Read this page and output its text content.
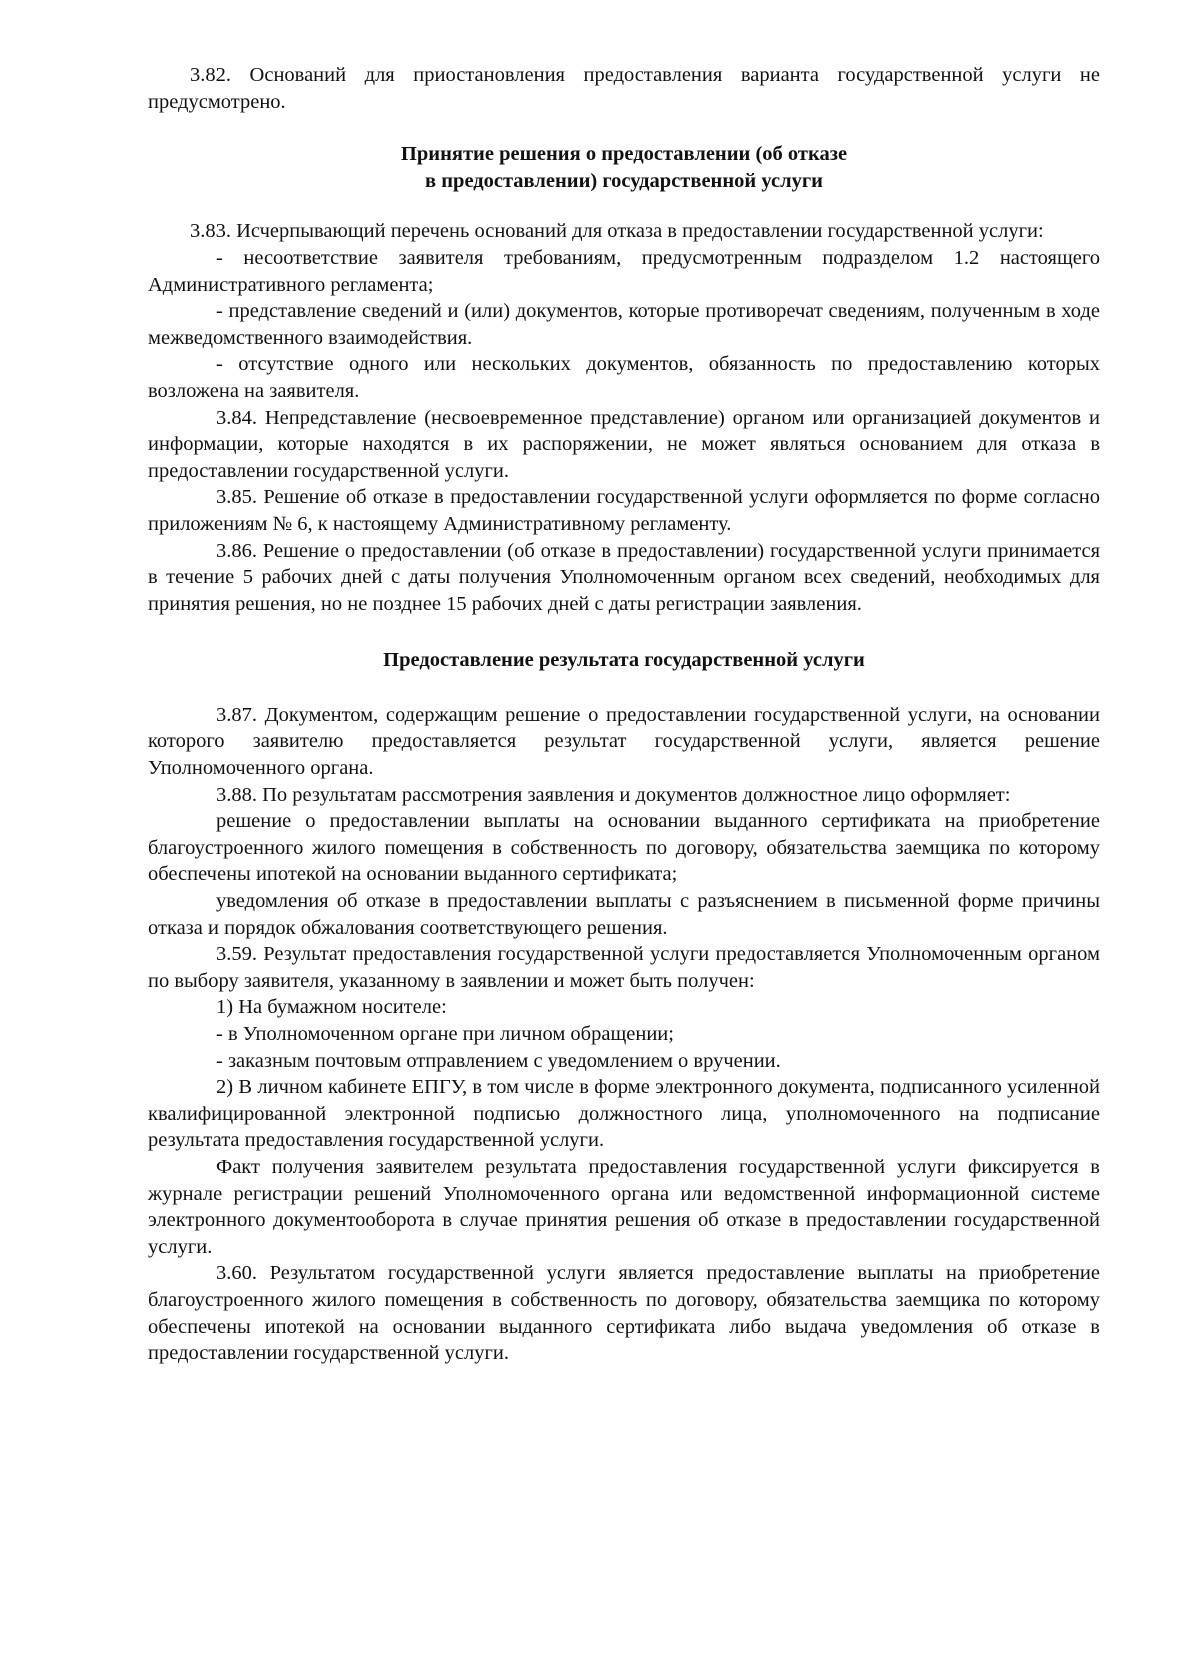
3.82. Оснований для приостановления предоставления варианта государственной услуги не предусмотрено.

Принятие решения о предоставлении (об отказе
в предоставлении) государственной услуги

3.83. Исчерпывающий перечень оснований для отказа в предоставлении государственной услуги:

- несоответствие заявителя требованиям, предусмотренным подразделом 1.2 настоящего Административного регламента;

- представление сведений и (или) документов, которые противоречат сведениям, полученным в ходе межведомственного взаимодействия.

- отсутствие одного или нескольких документов, обязанность по предоставлению которых возложена на заявителя.

3.84. Непредставление (несвоевременное представление) органом или организацией документов и информации, которые находятся в их распоряжении, не может являться основанием для отказа в предоставлении государственной услуги.

3.85. Решение об отказе в предоставлении государственной услуги оформляется по форме согласно приложениям № 6, к настоящему Административному регламенту.

3.86. Решение о предоставлении (об отказе в предоставлении) государственной услуги принимается в течение 5 рабочих дней с даты получения Уполномоченным органом всех сведений, необходимых для принятия решения, но не позднее 15 рабочих дней с даты регистрации заявления.

Предоставление результата государственной услуги

3.87. Документом, содержащим решение о предоставлении государственной услуги, на основании которого заявителю предоставляется результат государственной услуги, является решение Уполномоченного органа.

3.88. По результатам рассмотрения заявления и документов должностное лицо оформляет:

решение о предоставлении выплаты на основании выданного сертификата на приобретение благоустроенного жилого помещения в собственность по договору, обязательства заемщика по которому обеспечены ипотекой на основании выданного сертификата;

уведомления об отказе в предоставлении выплаты с разъяснением в письменной форме причины отказа и порядок обжалования соответствующего решения.

3.59. Результат предоставления государственной услуги предоставляется Уполномоченным органом по выбору заявителя, указанному в заявлении и может быть получен:

1) На бумажном носителе:

- в Уполномоченном органе при личном обращении;

- заказным почтовым отправлением с уведомлением о вручении.

2) В личном кабинете ЕПГУ, в том числе в форме электронного документа, подписанного усиленной квалифицированной электронной подписью должностного лица, уполномоченного на подписание результата предоставления государственной услуги.

Факт получения заявителем результата предоставления государственной услуги фиксируется в журнале регистрации решений Уполномоченного органа или ведомственной информационной системе электронного документооборота в случае принятия решения об отказе в предоставлении государственной услуги.

3.60. Результатом государственной услуги является предоставление выплаты на приобретение благоустроенного жилого помещения в собственность по договору, обязательства заемщика по которому обеспечены ипотекой на основании выданного сертификата либо выдача уведомления об отказе в предоставлении государственной услуги.
